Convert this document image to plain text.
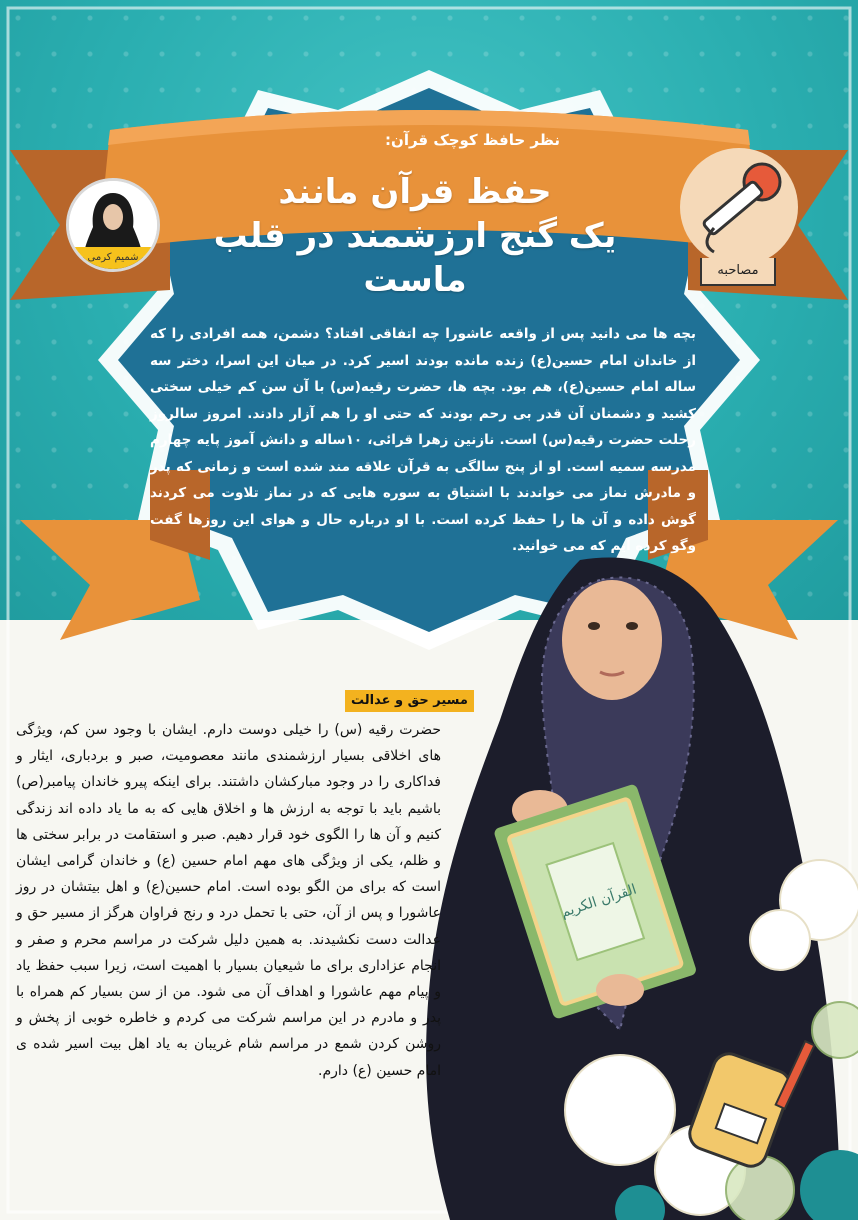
مصاحبه
شمیم کرمی
نظر حافظ کوچک قرآن:
حفظ قرآن مانند
یک گنج ارزشمند در قلب ماست
بچه ها می دانید پس از واقعه عاشورا چه اتفاقی افتاد؟ دشمن، همه افرادی را که از خاندان امام حسین(ع) زنده مانده بودند اسیر کرد. در میان این اسرا، دختر سه ساله امام حسین(ع)، هم بود. بچه ها، حضرت رقیه(س) با آن سن کم خیلی سختی کشید و دشمنان آن قدر بی رحم بودند که حتی او را هم آزار دادند. امروز سالروز رحلت حضرت رقیه(س) است. نازنین زهرا قرائی، ۱۰ساله و دانش آموز پایه چهارم مدرسه سمیه است. او از پنج سالگی به قرآن علاقه مند شده است و زمانی که پدر و مادرش نماز می خواندند با اشتیاق به سوره هایی که در نماز تلاوت می کردند گوش داده و آن ها را حفظ کرده است. با او درباره حال و هوای این روزها گفت وگو کرده ایم که می خوانید.
القرآن الکریم
مسیر حق و عدالت
حضرت رقیه (س) را خیلی دوست دارم. ایشان با وجود سن کم، ویژگی های اخلاقی بسیار ارزشمندی مانند معصومیت، صبر و بردباری، ایثار و فداکاری را در وجود مبارکشان داشتند. برای اینکه پیرو خاندان پیامبر(ص) باشیم باید با توجه به ارزش ها و اخلاق هایی که به ما یاد داده اند زندگی کنیم و آن ها را الگوی خود قرار دهیم. صبر و استقامت در برابر سختی ها و ظلم، یکی از ویژگی های مهم امام حسین (ع) و خاندان گرامی ایشان است که برای من الگو بوده است. امام حسین(ع) و اهل بیتشان در روز عاشورا و پس از آن، حتی با تحمل درد و رنج فراوان هرگز از مسیر حق و عدالت دست نکشیدند. به همین دلیل شرکت در مراسم محرم و صفر و انجام عزاداری برای ما شیعیان بسیار با اهمیت است، زیرا سبب حفظ یاد و پیام مهم عاشورا و اهداف آن می شود. من از سن بسیار کم همراه با پدر و مادرم در این مراسم شرکت می کردم و خاطره خوبی از پخش و روشن کردن شمع در مراسم شام غریبان به یاد اهل بیت اسیر شده ی امام حسین (ع) دارم.
